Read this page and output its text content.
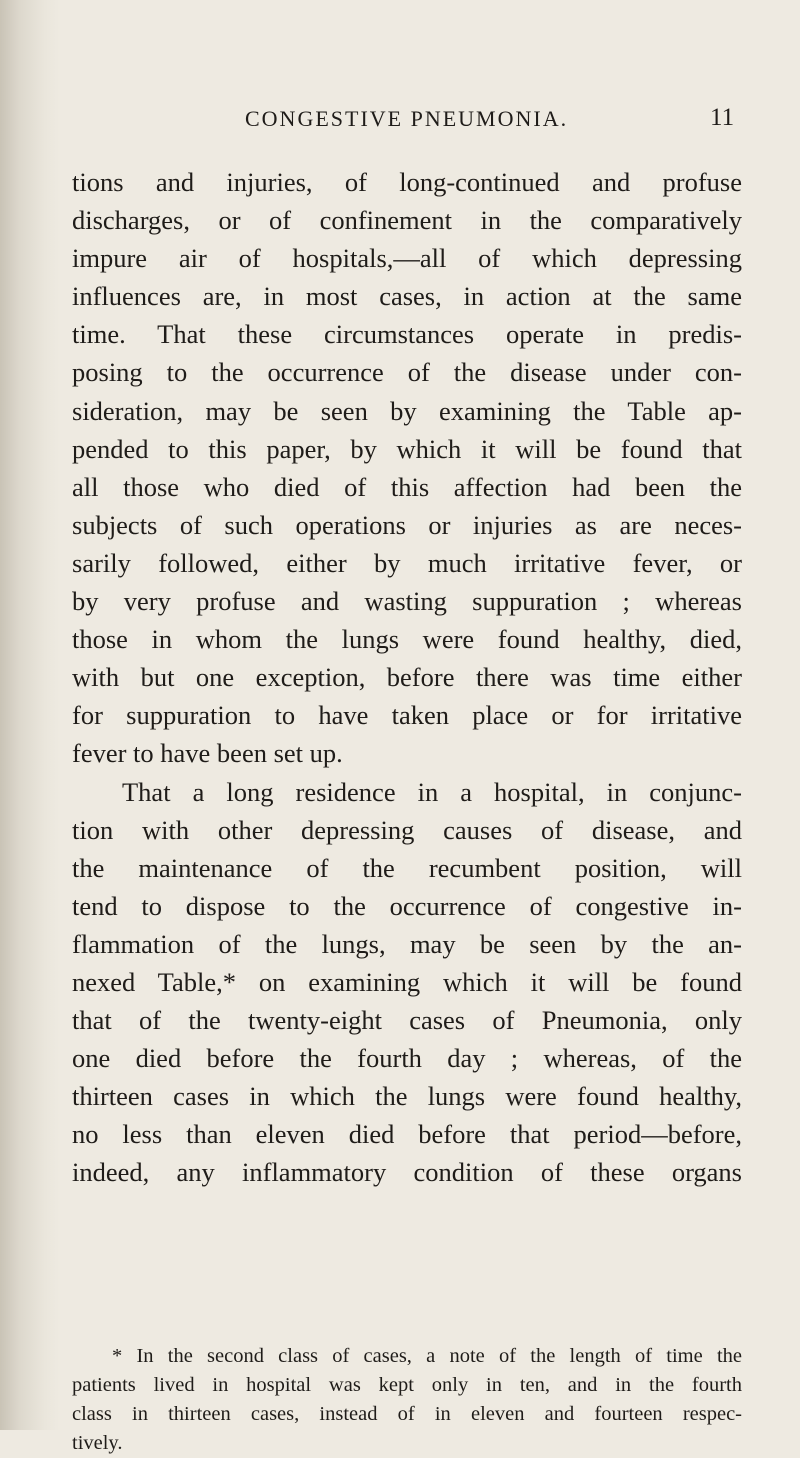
CONGESTIVE PNEUMONIA.	11
tions and injuries, of long-continued and profuse
discharges, or of confinement in the comparatively
impure air of hospitals,—all of which depressing
influences are, in most cases, in action at the same
time. That these circumstances operate in predis-
posing to the occurrence of the disease under con-
sideration, may be seen by examining the Table ap-
pended to this paper, by which it will be found that
all those who died of this affection had been the
subjects of such operations or injuries as are neces-
sarily followed, either by much irritative fever, or
by very profuse and wasting suppuration ; whereas
those in whom the lungs were found healthy, died,
with but one exception, before there was time either
for suppuration to have taken place or for irritative
fever to have been set up.
That a long residence in a hospital, in conjunc-
tion with other depressing causes of disease, and
the maintenance of the recumbent position, will
tend to dispose to the occurrence of congestive in-
flammation of the lungs, may be seen by the an-
nexed Table,* on examining which it will be found
that of the twenty-eight cases of Pneumonia, only
one died before the fourth day ; whereas, of the
thirteen cases in which the lungs were found healthy,
no less than eleven died before that period—before,
indeed, any inflammatory condition of these organs
* In the second class of cases, a note of the length of time the
patients lived in hospital was kept only in ten, and in the fourth
class in thirteen cases, instead of in eleven and fourteen respec-
tively.
